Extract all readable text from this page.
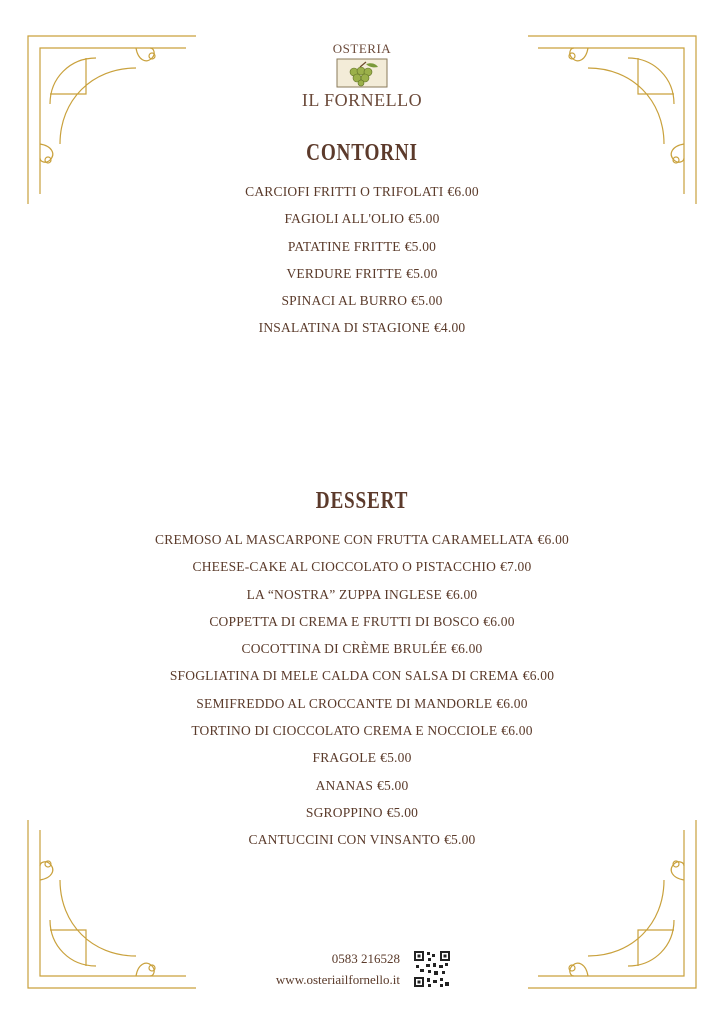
OSTERIA
IL FORNELLO
CONTORNI
CARCIOFI FRITTI O TRIFOLATI €6.00
FAGIOLI ALL'OLIO €5.00
PATATINE FRITTE €5.00
VERDURE FRITTE €5.00
SPINACI AL BURRO €5.00
INSALATINA DI STAGIONE €4.00
DESSERT
CREMOSO AL MASCARPONE CON FRUTTA CARAMELLATA €6.00
CHEESE-CAKE AL CIOCCOLATO O PISTACCHIO €7.00
LA “NOSTRA” ZUPPA INGLESE €6.00
COPPETTA DI CREMA E FRUTTI DI BOSCO €6.00
COCOTTINA DI CRÈME BRULÉE €6.00
SFOGLIATINA DI MELE CALDA CON SALSA DI CREMA €6.00
SEMIFREDDO AL CROCCANTE DI MANDORLE €6.00
TORTINO DI CIOCCOLATO CREMA E NOCCIOLE €6.00
FRAGOLE €5.00
ANANAS €5.00
SGROPPINO €5.00
CANTUCCINI CON VINSANTO €5.00
0583 216528
www.osteriailfornello.it
